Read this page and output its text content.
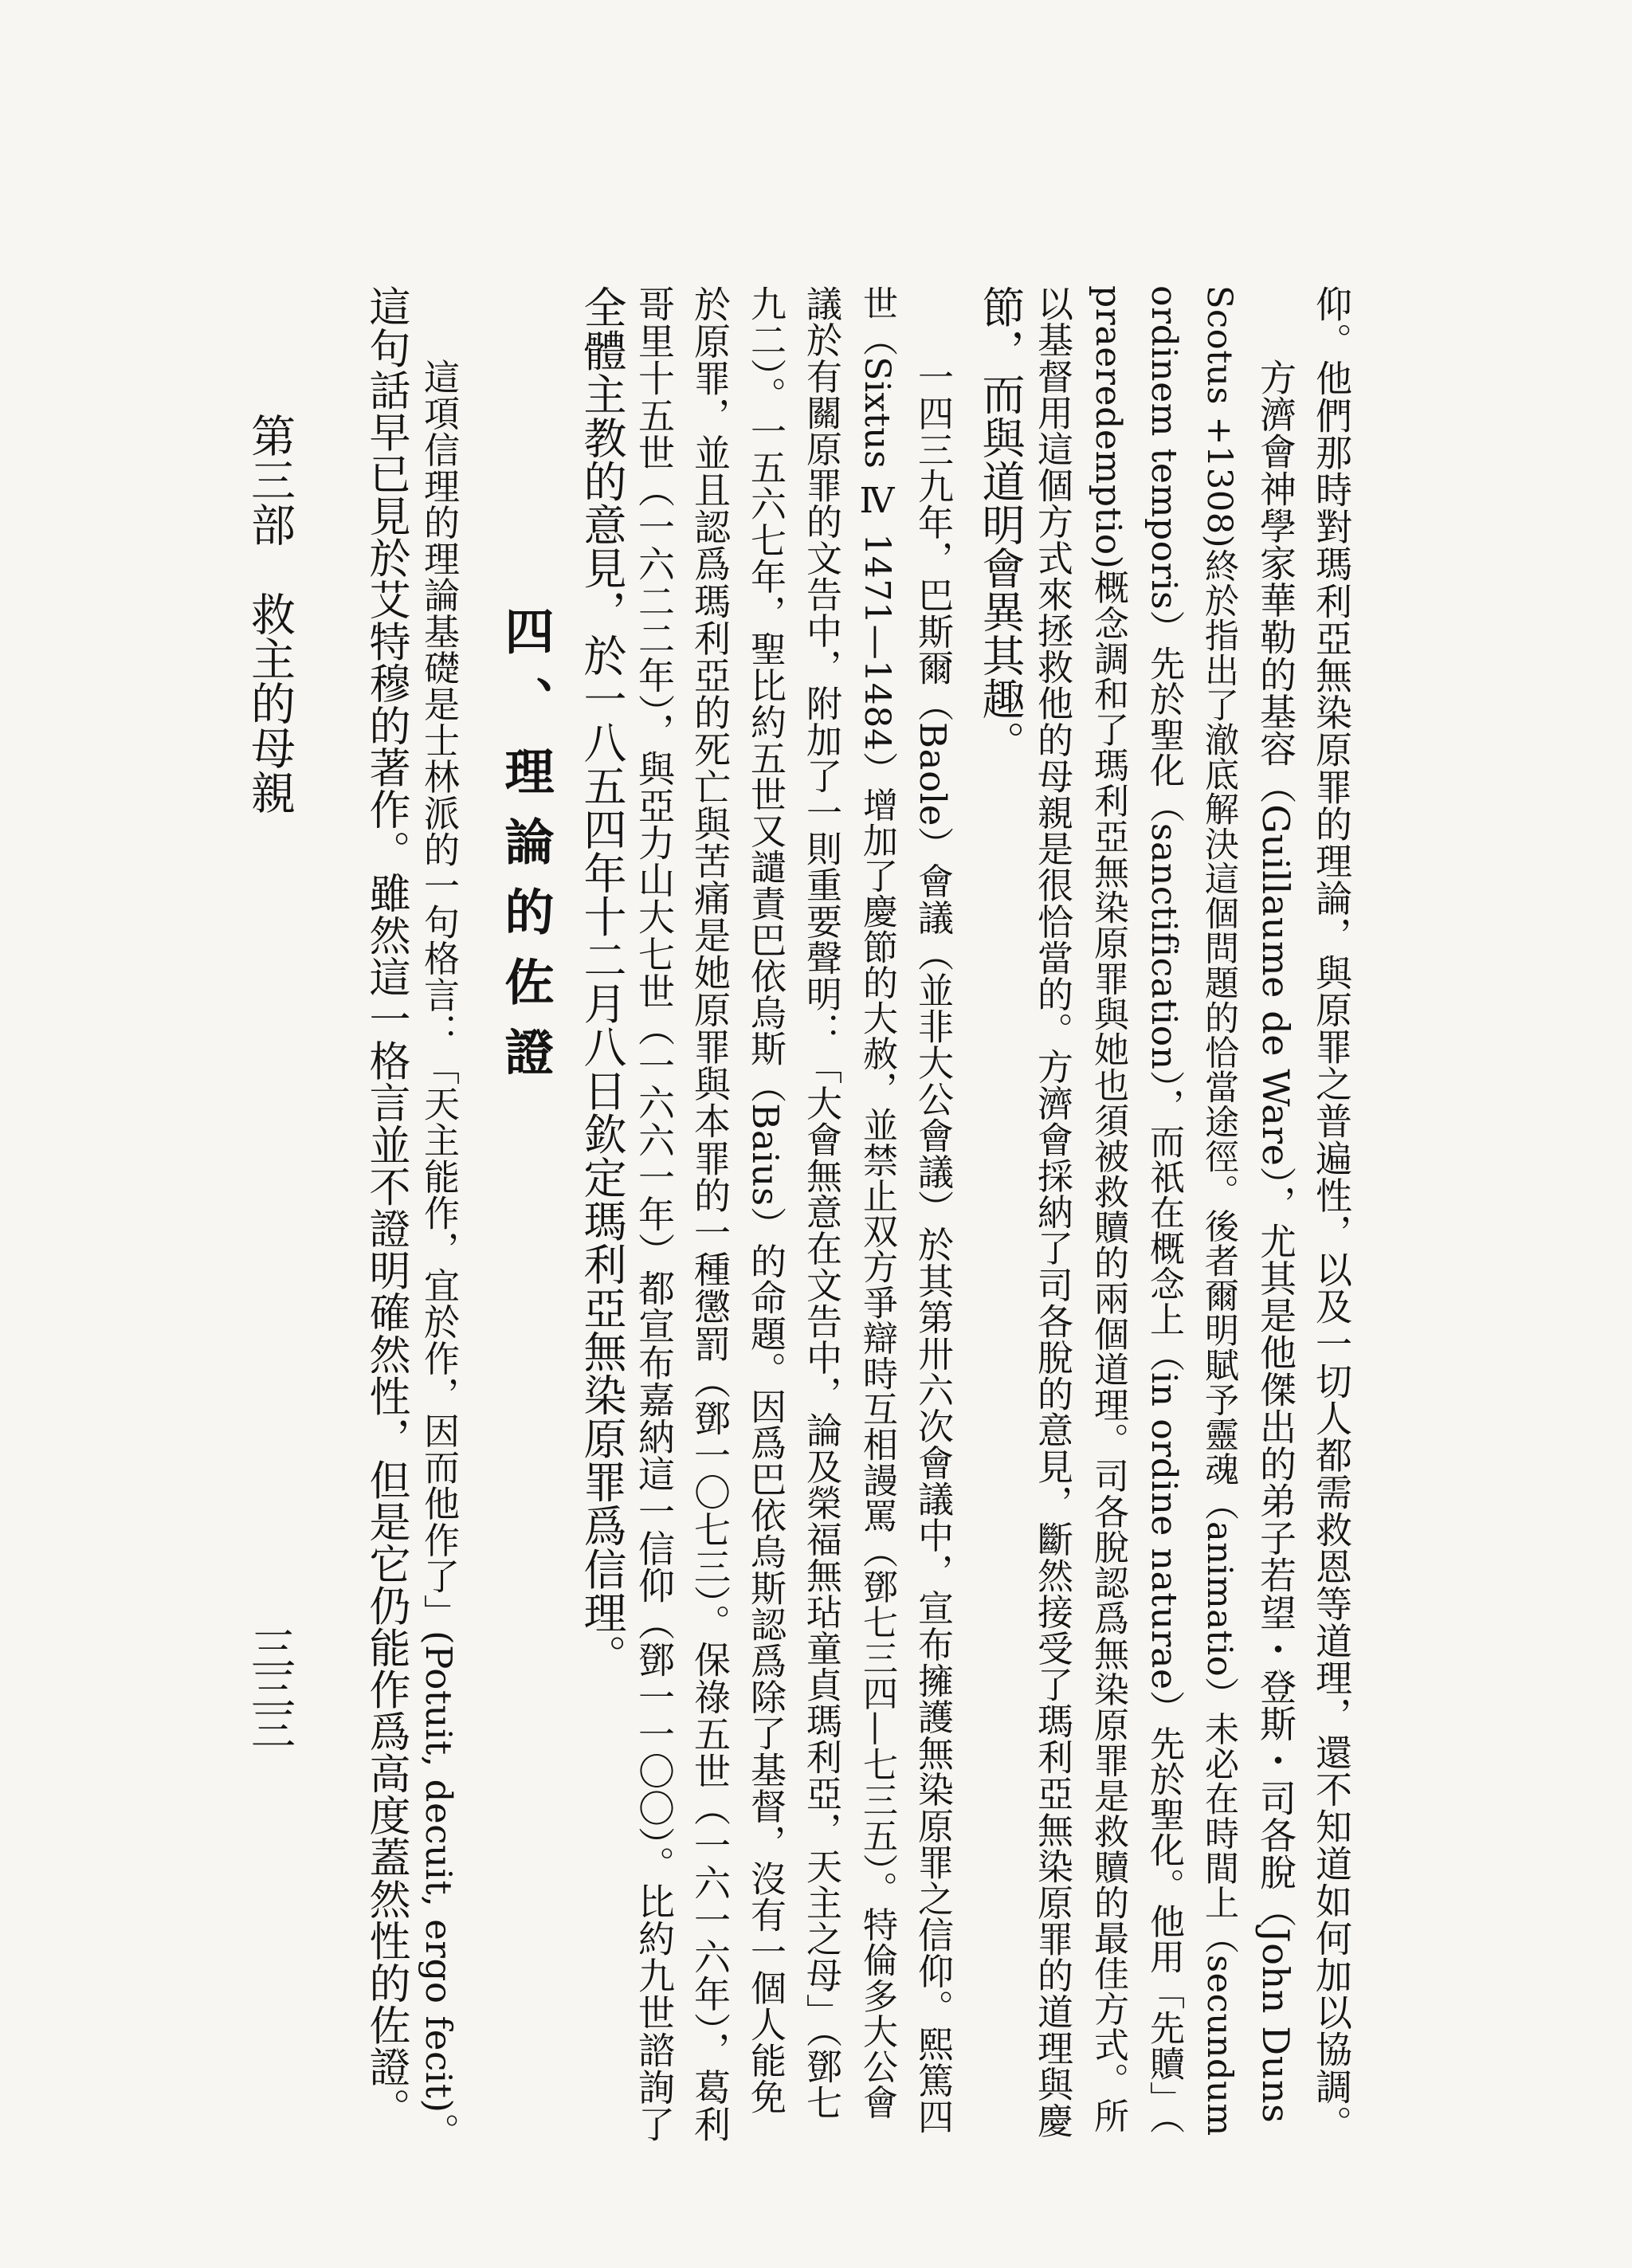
仰。他們那時對瑪利亞無染原罪的理論，與原罪之普遍性，以及一切人都需救恩等道理，還不知道如何加以協調。
方濟會神學家華勒的基容（Guillaume de Ware），尤其是他傑出的弟子若望・登斯・司各脫（John Duns
Scotus +1308)終於指出了澈底解決這個問題的恰當途徑。後者爾明賦予靈魂（animatio）未必在時間上（secundum
ordinem temporis）先於聖化（sanctification），而祇在概念上（in ordine naturae）先於聖化。他用「先贖」（
praeredemptio)概念調和了瑪利亞無染原罪與她也須被救贖的兩個道理。司各脫認爲無染原罪是救贖的最佳方式。所
以基督用這個方式來拯救他的母親是很恰當的。方濟會採納了司各脫的意見，斷然接受了瑪利亞無染原罪的道理與慶
節，而與道明會異其趣。
一四三九年，巴斯爾（Baole）會議（並非大公會議）於其第卅六次會議中，宣布擁護無染原罪之信仰。熙篤四
世（Sixtus Ⅳ 1471—1484）增加了慶節的大赦，並禁止双方爭辯時互相謾罵（鄧七三四—七三五）。特倫多大公會
議於有關原罪的文告中，附加了一則重要聲明：「大會無意在文告中，論及榮福無玷童貞瑪利亞，天主之母」（鄧七
九二）。一五六七年，聖比約五世又譴責巴依烏斯（Baius）的命題。因爲巴依烏斯認爲除了基督，沒有一個人能免
於原罪，並且認爲瑪利亞的死亡與苦痛是她原罪與本罪的一種懲罰（鄧一〇七三）。保祿五世（一六一六年），葛利
哥里十五世（一六二二年），與亞力山大七世（一六六一年）都宣布嘉納這一信仰（鄧一一〇〇）。比約九世諮詢了
全體主教的意見，於一八五四年十二月八日欽定瑪利亞無染原罪爲信理。
四、理論的佐證
這項信理的理論基礎是士林派的一句格言：「天主能作，宜於作，因而他作了」(Potuit, decuit, ergo fecit)。
這句話早已見於艾特穆的著作。雖然這一格言並不證明確然性，但是它仍能作爲高度蓋然性的佐證。
第三部　救主的母親
三三三
